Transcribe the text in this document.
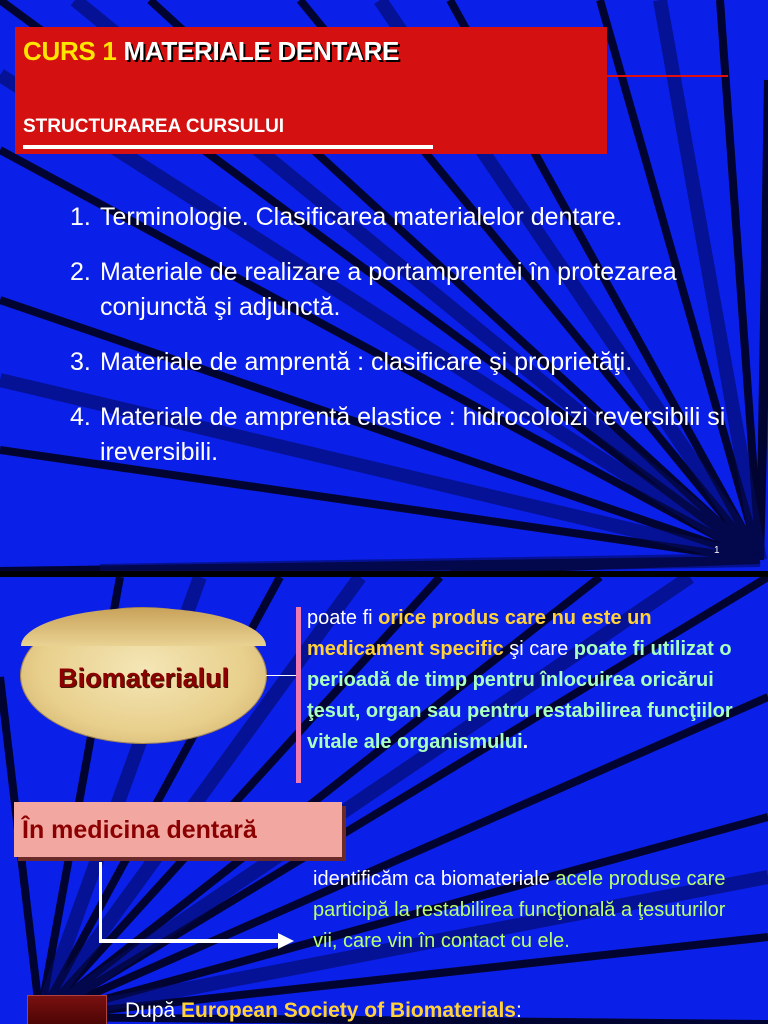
CURS 1 MATERIALE DENTARE

STRUCTURAREA CURSULUI

1. Terminologie. Clasificarea materialelor dentare.
2. Materiale de realizare a portamprentei în protezarea conjunctă şi adjunctă.
3. Materiale de amprentă : clasificare şi proprietăţi.
4. Materiale de amprentă elastice : hidrocoloizi reversibili si ireversibili.
1
Biomaterialul

poate fi orice produs care nu este un medicament specific şi care poate fi utilizat o perioadă de timp pentru înlocuirea oricărui ţesut, organ sau pentru restabilirea funcţiilor vitale ale organismului.

În medicina dentară

identificăm ca biomateriale acele produse care participă la restabilirea funcţională a ţesuturilor vii, care vin în contact cu ele.

După European Society of Biomaterials:
